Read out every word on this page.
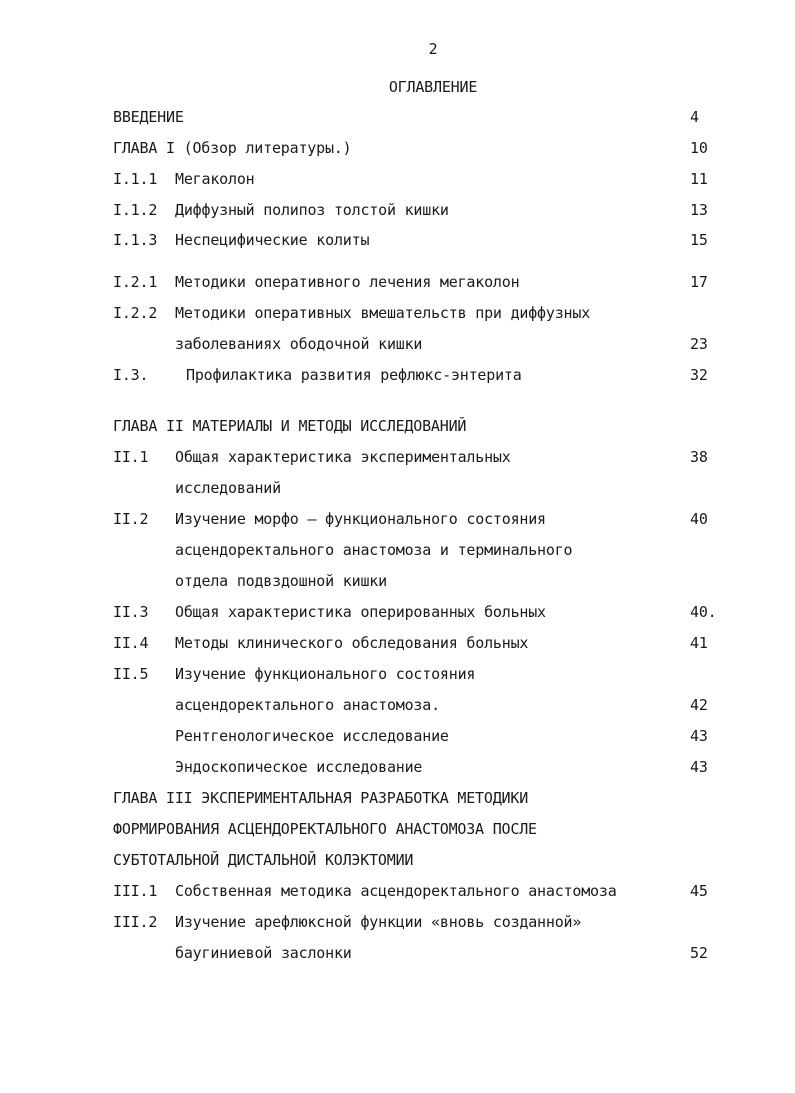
2
ОГЛАВЛЕНИЕ
ВВЕДЕНИЕ	4
ГЛАВА I (Обзор литературы.)	10
I.1.1 Мегаколон	11
I.1.2 Диффузный полипоз толстой кишки	13
I.1.3 Неспецифические колиты	15
I.2.1 Методики оперативного лечения мегаколон	17
I.2.2 Методики оперативных вмешательств при диффузных
заболеваниях ободочной кишки	23
I.3.	Профилактика развития рефлюкс-энтерита	32
ГЛАВА II МАТЕРИАЛЫ И МЕТОДЫ ИССЛЕДОВАНИЙ
II.1 Общая характеристика экспериментальных	38
исследований
II.2 Изучение морфо – функционального состояния	40
асцендоректального анастомоза и терминального
отдела подвздошной кишки
II.3 Общая характеристика оперированных больных	40.
II.4 Методы клинического обследования больных	41
II.5 Изучение функционального состояния
асцендоректального анастомоза.	42
Рентгенологическое исследование	43
Эндоскопическое исследование	43
ГЛАВА III ЭКСПЕРИМЕНТАЛЬНАЯ РАЗРАБОТКА МЕТОДИКИ
ФОРМИРОВАНИЯ АСЦЕНДОРЕКТАЛЬНОГО АНАСТОМОЗА ПОСЛЕ
СУБТОТАЛЬНОЙ ДИСТАЛЬНОЙ КОЛЭКТОМИИ
III.1 Собственная методика асцендоректального анастомоза	45
III.2 Изучение арефлюксной функции «вновь созданной»
баугиниевой заслонки	52
